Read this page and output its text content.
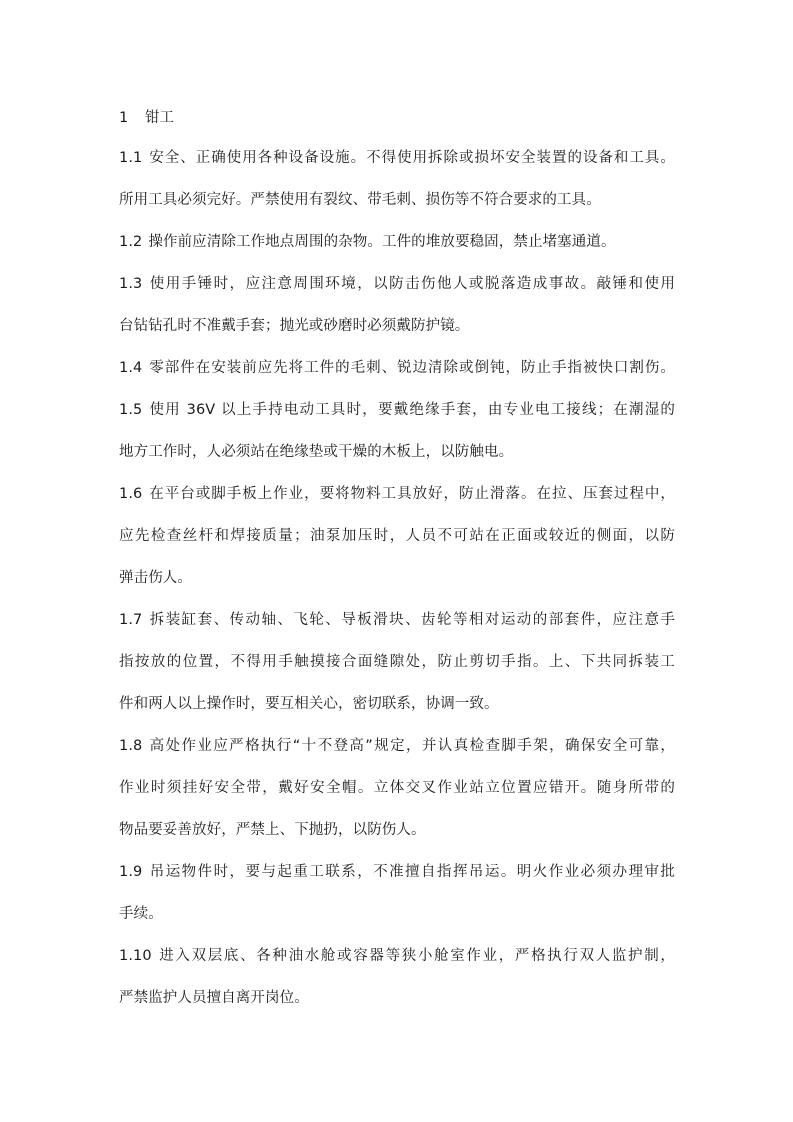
1 钳工

1.1 安全、正确使用各种设备设施。不得使用拆除或损坏安全装置的设备和工具。
所用工具必须完好。严禁使用有裂纹、带毛刺、损伤等不符合要求的工具。
1.2 操作前应清除工作地点周围的杂物。工件的堆放要稳固，禁止堵塞通道。
1.3 使用手锤时，应注意周围环境，以防击伤他人或脱落造成事故。敲锤和使用
台钻钻孔时不准戴手套；抛光或砂磨时必须戴防护镜。
1.4 零部件在安装前应先将工件的毛刺、锐边清除或倒钝，防止手指被快口割伤。
1.5 使用 36V 以上手持电动工具时，要戴绝缘手套，由专业电工接线；在潮湿的
地方工作时，人必须站在绝缘垫或干燥的木板上，以防触电。
1.6 在平台或脚手板上作业，要将物料工具放好，防止滑落。在拉、压套过程中，
应先检查丝杆和焊接质量；油泵加压时，人员不可站在正面或较近的侧面，以防
弹击伤人。
1.7 拆装缸套、传动轴、飞轮、导板滑块、齿轮等相对运动的部套件，应注意手
指按放的位置，不得用手触摸接合面缝隙处，防止剪切手指。上、下共同拆装工
件和两人以上操作时，要互相关心，密切联系，协调一致。
1.8 高处作业应严格执行“十不登高”规定，并认真检查脚手架，确保安全可靠，
作业时须挂好安全带，戴好安全帽。立体交叉作业站立位置应错开。随身所带的
物品要妥善放好，严禁上、下抛扔，以防伤人。
1.9 吊运物件时，要与起重工联系，不准擅自指挥吊运。明火作业必须办理审批
手续。
1.10 进入双层底、各种油水舱或容器等狭小舱室作业，严格执行双人监护制，
严禁监护人员擅自离开岗位。
